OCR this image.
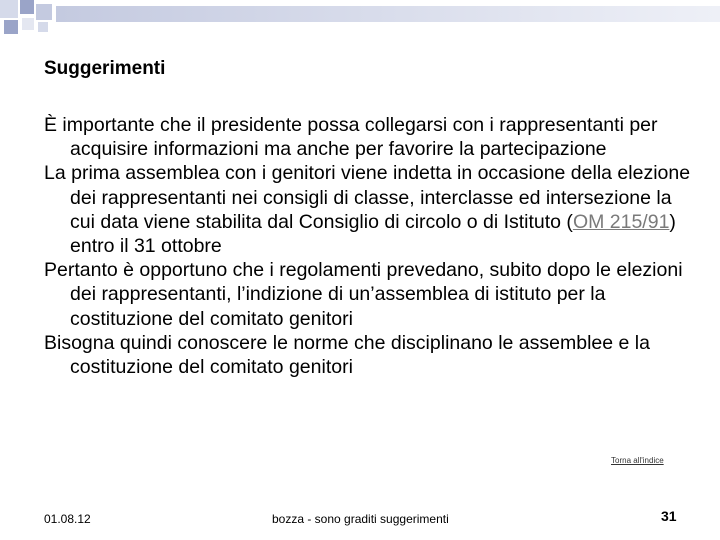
Suggerimenti

È importante che il presidente possa collegarsi con i rappresentanti per acquisire informazioni ma anche per favorire la partecipazione

La prima assemblea con i genitori viene indetta in occasione della elezione dei rappresentanti nei consigli di classe, interclasse ed intersezione la cui data viene stabilita dal Consiglio di circolo o di Istituto (OM 215/91) entro il 31 ottobre

Pertanto è opportuno che i regolamenti prevedano, subito dopo le elezioni dei rappresentanti, l’indizione di un’assemblea di istituto per la costituzione del comitato genitori

Bisogna quindi conoscere le norme che disciplinano le assemblee e la costituzione del comitato genitori

Torna all'indice
01.08.12	bozza - sono graditi suggerimenti	31
